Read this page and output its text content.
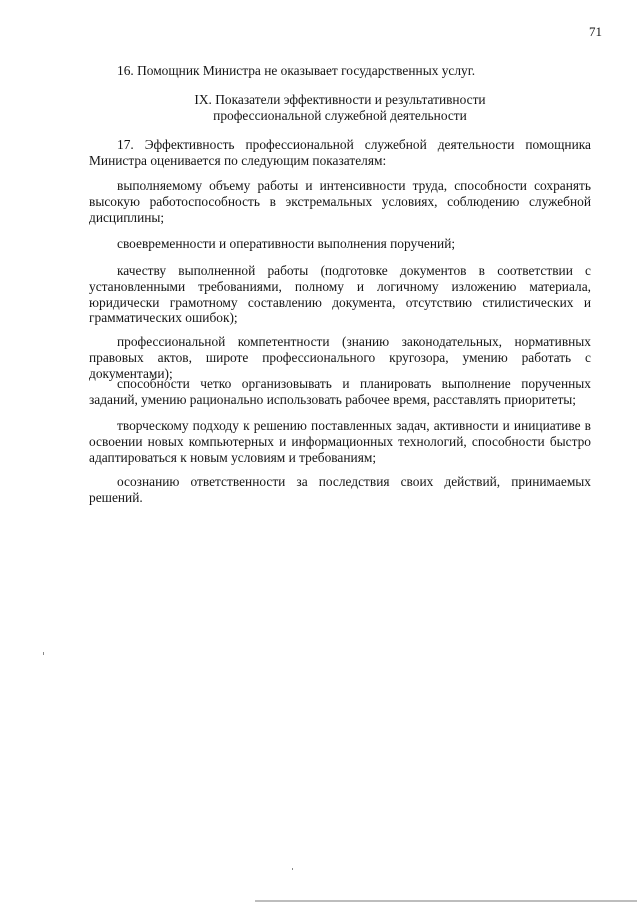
71
16. Помощник Министра не оказывает государственных услуг.
IX. Показатели эффективности и результативности
профессиональной служебной деятельности
17. Эффективность профессиональной служебной деятельности помощника Министра оценивается по следующим показателям:
выполняемому объему работы и интенсивности труда, способности сохранять высокую работоспособность в экстремальных условиях, соблюдению служебной дисциплины;
своевременности и оперативности выполнения поручений;
качеству выполненной работы (подготовке документов в соответствии с установленными требованиями, полному и логичному изложению материала, юридически грамотному составлению документа, отсутствию стилистических и грамматических ошибок);
профессиональной компетентности (знанию законодательных, нормативных правовых актов, широте профессионального кругозора, умению работать с документами);
способности четко организовывать и планировать выполнение порученных заданий, умению рационально использовать рабочее время, расставлять приоритеты;
творческому подходу к решению поставленных задач, активности и инициативе в освоении новых компьютерных и информационных технологий, способности быстро адаптироваться к новым условиям и требованиям;
осознанию ответственности за последствия своих действий, принимаемых решений.
